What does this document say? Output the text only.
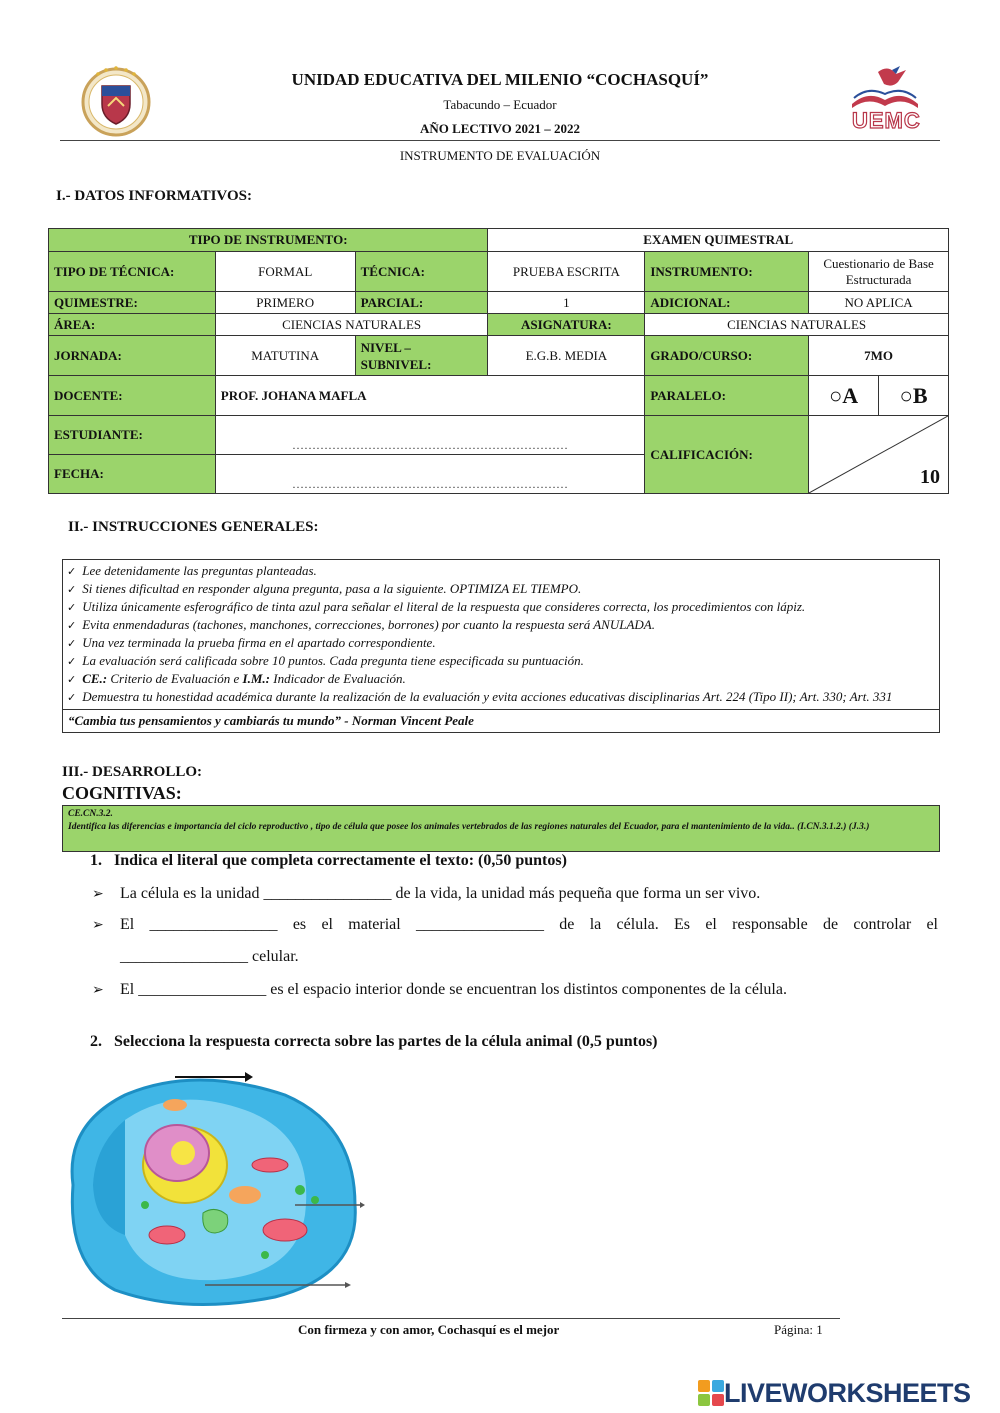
UEMC
UNIDAD EDUCATIVA DEL MILENIO “COCHASQUÍ”
Tabacundo – Ecuador
AÑO LECTIVO 2021 – 2022
INSTRUMENTO DE EVALUACIÓN
I.- DATOS INFORMATIVOS:
TIPO DE INSTRUMENTO:			EXAMEN QUIMESTRAL			
TIPO DE TÉCNICA:	FORMAL	TÉCNICA:	PRUEBA ESCRITA	INSTRUMENTO:	Cuestionario de Base Estructurada	
QUIMESTRE:	PRIMERO	PARCIAL:	1	ADICIONAL:	NO APLICA	
ÁREA:	CIENCIAS NATURALES		ASIGNATURA:	CIENCIAS NATURALES		
JORNADA:	MATUTINA	NIVEL – SUBNIVEL:	E.G.B. MEDIA	GRADO/CURSO:	7MO	
DOCENTE:	PROF. JOHANA MAFLA			PARALELO:	○A	○B
ESTUDIANTE:	……………………………………………………………			CALIFICACIÓN:	10	

FECHA:	……………………………………………………………					
II.- INSTRUCCIONES GENERALES:
✓ Lee detenidamente las preguntas planteadas.
✓ Si tienes dificultad en responder alguna pregunta, pasa a la siguiente. OPTIMIZA EL TIEMPO.
✓ Utiliza únicamente esferográfico de tinta azul para señalar el literal de la respuesta que consideres correcta, los procedimientos con lápiz.
✓ Evita enmendaduras (tachones, manchones, correcciones, borrones) por cuanto la respuesta será ANULADA.
✓ Una vez terminada la prueba firma en el apartado correspondiente.
✓ La evaluación será calificada sobre 10 puntos. Cada pregunta tiene especificada su puntuación.
✓ CE.: Criterio de Evaluación e I.M.: Indicador de Evaluación.
✓ Demuestra tu honestidad académica durante la realización de la evaluación y evita acciones educativas disciplinarias Art. 224 (Tipo II); Art. 330; Art. 331
“Cambia tus pensamientos y cambiarás tu mundo” - Norman Vincent Peale
III.- DESARROLLO:
COGNITIVAS:
CE.CN.3.2.
Identifica las diferencias e importancia del ciclo reproductivo , tipo de célula que posee los animales vertebrados de las regiones naturales del Ecuador, para el mantenimiento de la vida.. (I.CN.3.1.2.) (J.3.)
1. Indica el literal que completa correctamente el texto: (0,50 puntos)
➢ La célula es la unidad ________________ de la vida, la unidad más pequeña que forma un ser vivo.
➢ El ________________ es el material ________________ de la célula. Es el responsable de controlar el
________________ celular.
➢ El ________________ es el espacio interior donde se encuentran los distintos componentes de la célula.
2. Selecciona la respuesta correcta sobre las partes de la célula animal (0,5 puntos)
Con firmeza y con amor, Cochasquí es el mejor	Página: 1
LIVEWORKSHEETS
